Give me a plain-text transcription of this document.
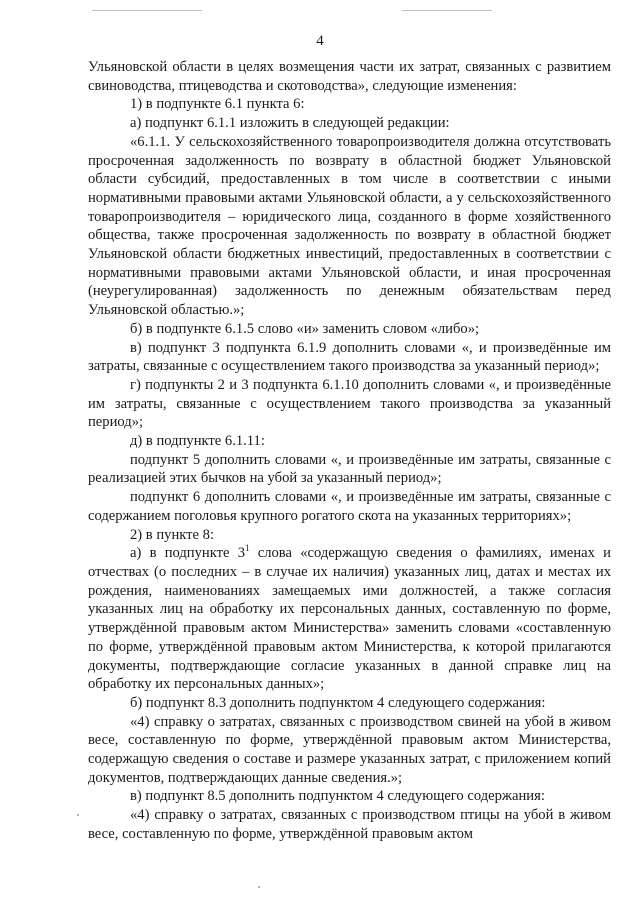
4

Ульяновской области в целях возмещения части их затрат, связанных с развитием свиноводства, птицеводства и скотоводства», следующие изменения:

1) в подпункте 6.1 пункта 6:

а) подпункт 6.1.1 изложить в следующей редакции:

«6.1.1. У сельскохозяйственного товаропроизводителя должна отсутствовать просроченная задолженность по возврату в областной бюджет Ульяновской области субсидий, предоставленных в том числе в соответствии с иными нормативными правовыми актами Ульяновской области, а у сельскохозяйственного товаропроизводителя – юридического лица, созданного в форме хозяйственного общества, также просроченная задолженность по возврату в областной бюджет Ульяновской области бюджетных инвестиций, предоставленных в соответствии с нормативными правовыми актами Ульяновской области, и иная просроченная (неурегулированная) задолженность по денежным обязательствам перед Ульяновской областью.»;

б) в подпункте 6.1.5 слово «и» заменить словом «либо»;

в) подпункт 3 подпункта 6.1.9 дополнить словами «, и произведённые им затраты, связанные с осуществлением такого производства за указанный период»;

г) подпункты 2 и 3 подпункта 6.1.10 дополнить словами «, и произведённые им затраты, связанные с осуществлением такого производства за указанный период»;

д) в подпункте 6.1.11:

подпункт 5 дополнить словами «, и произведённые им затраты, связанные с реализацией этих бычков на убой за указанный период»;

подпункт 6 дополнить словами «, и произведённые им затраты, связанные с содержанием поголовья крупного рогатого скота на указанных территориях»;

2) в пункте 8:

а) в подпункте $3^1$ слова «содержащую сведения о фамилиях, именах и отчествах (о последних – в случае их наличия) указанных лиц, датах и местах их рождения, наименованиях замещаемых ими должностей, а также согласия указанных лиц на обработку их персональных данных, составленную по форме, утверждённой правовым актом Министерства» заменить словами «составленную по форме, утверждённой правовым актом Министерства, к которой прилагаются документы, подтверждающие согласие указанных в данной справке лиц на обработку их персональных данных»;

б) подпункт 8.3 дополнить подпунктом 4 следующего содержания:

«4) справку о затратах, связанных с производством свиней на убой в живом весе, составленную по форме, утверждённой правовым актом Министерства, содержащую сведения о составе и размере указанных затрат, с приложением копий документов, подтверждающих данные сведения.»;

в) подпункт 8.5 дополнить подпунктом 4 следующего содержания:

«4) справку о затратах, связанных с производством птицы на убой в живом весе, составленную по форме, утверждённой правовым актом
